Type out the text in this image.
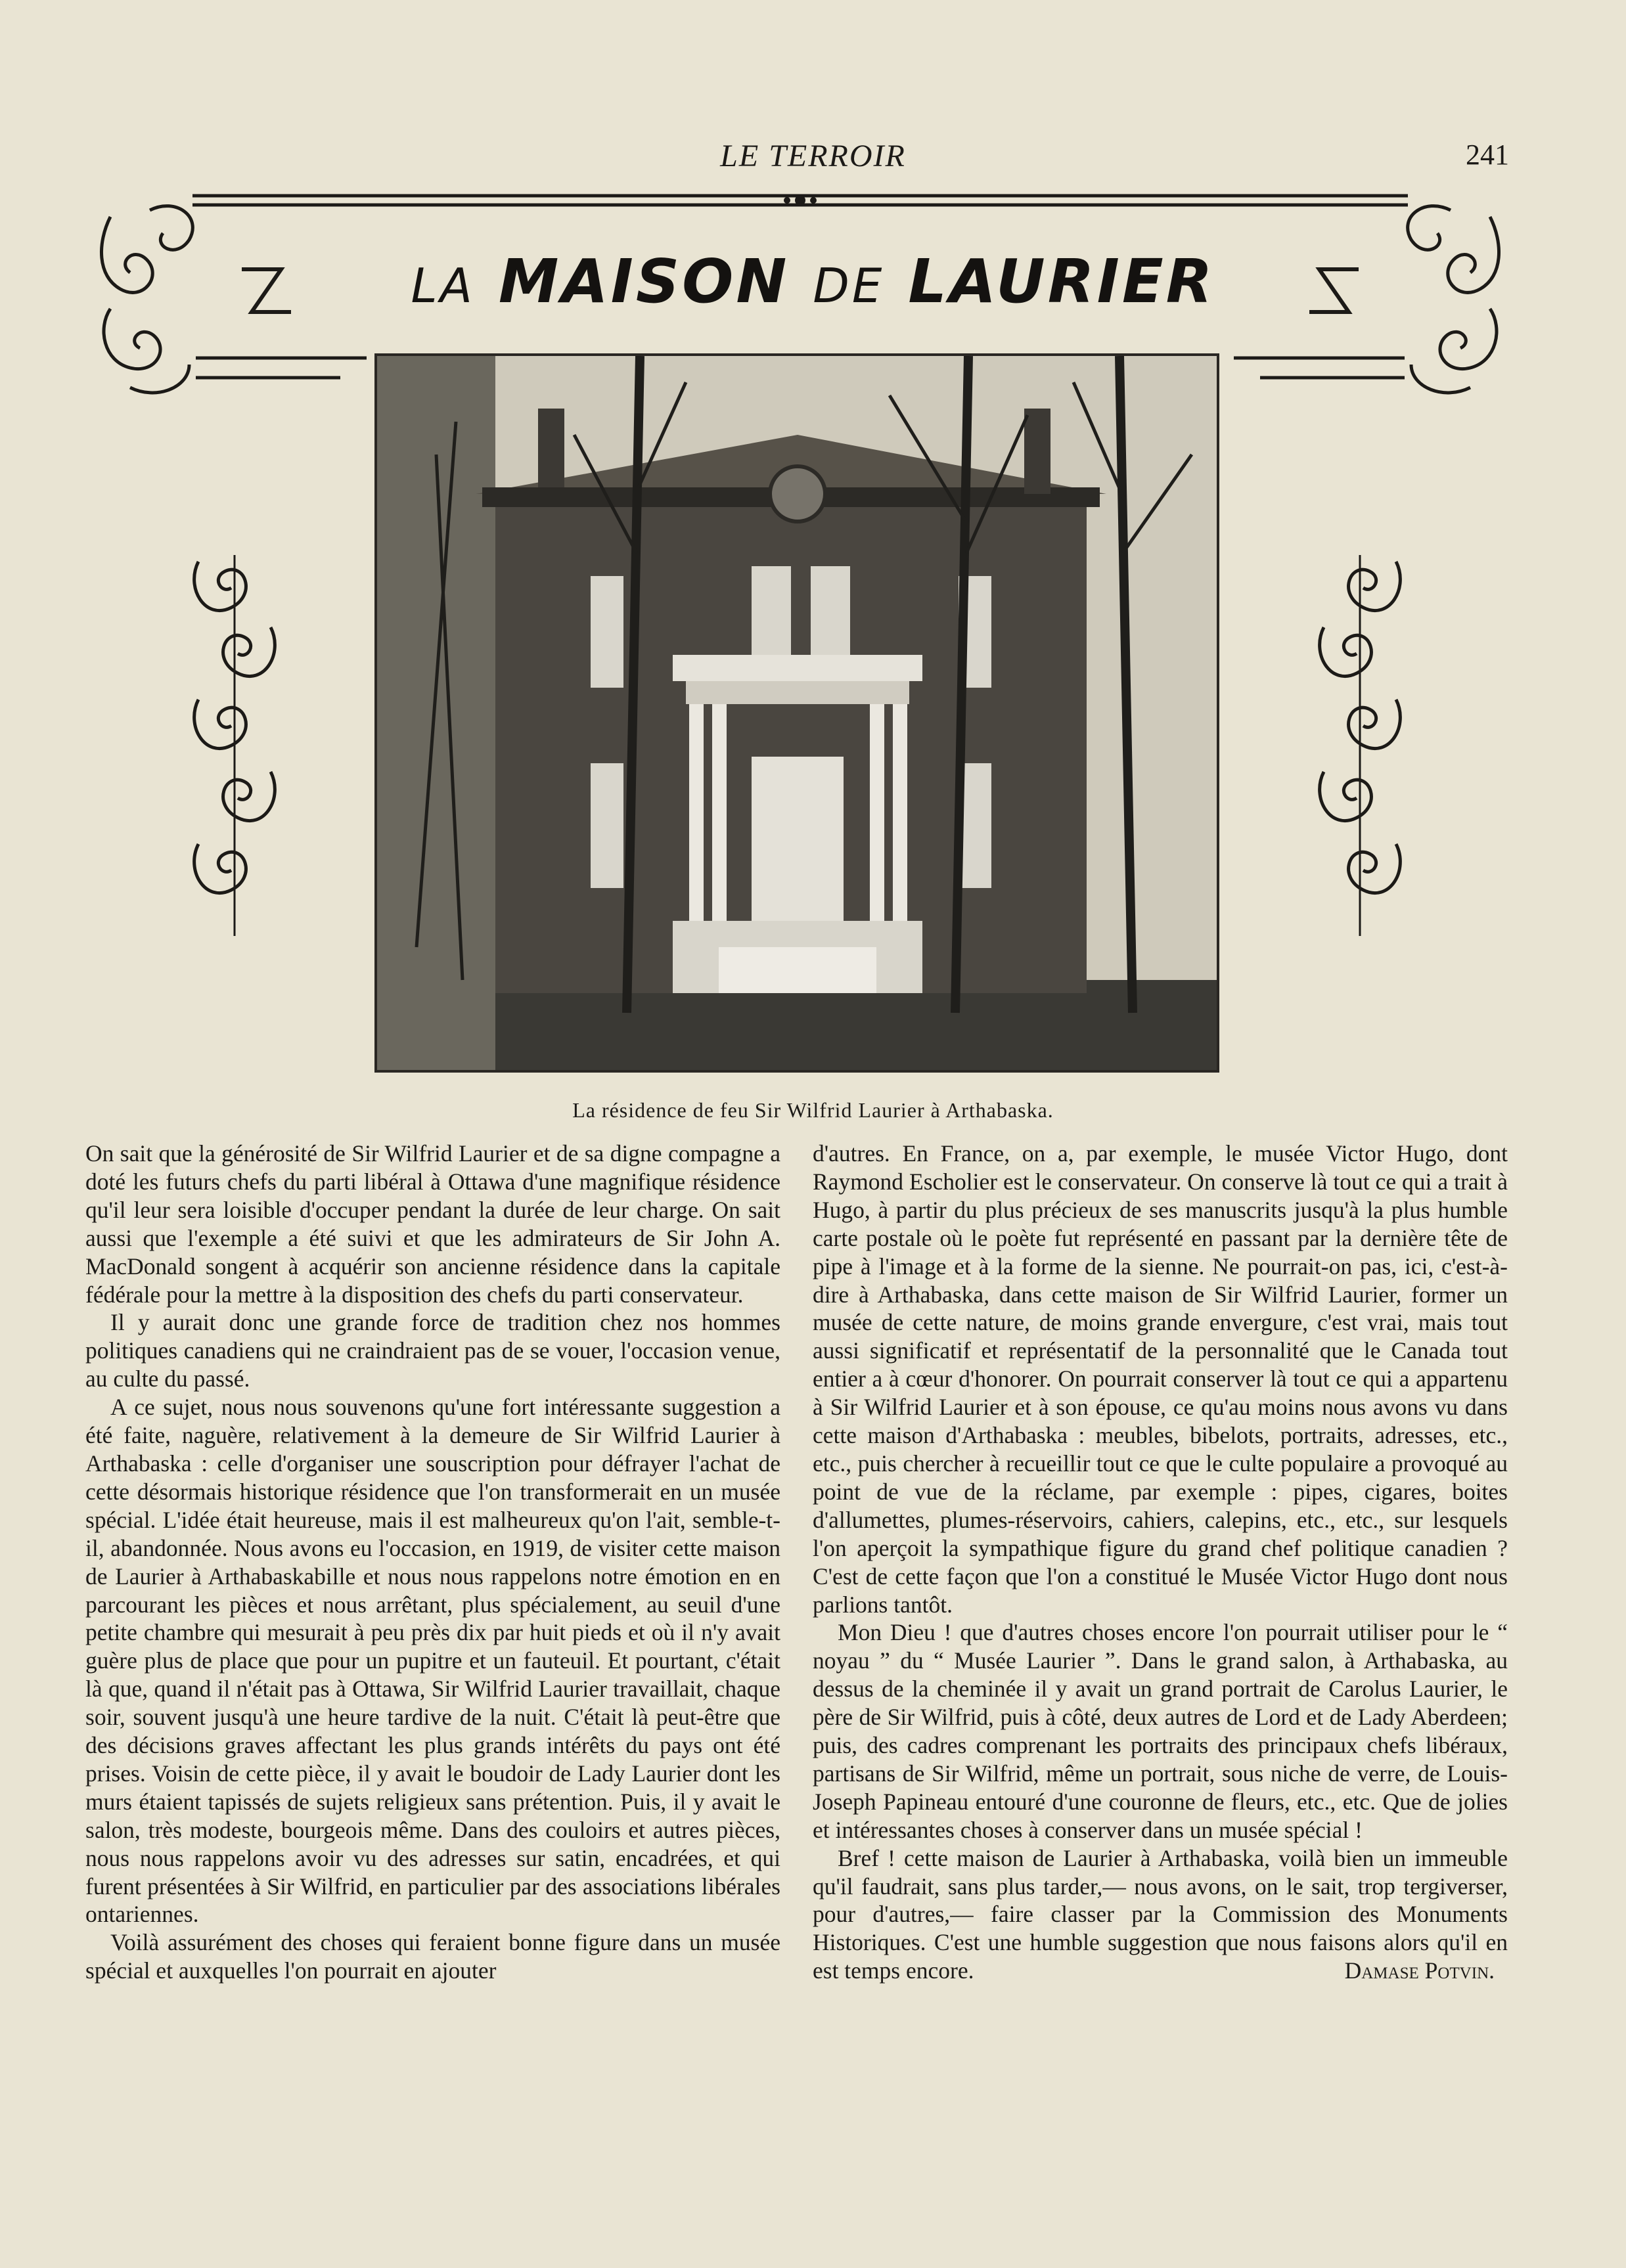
LE TERROIR	241
LA MAISON DE LAURIER
La résidence de feu Sir Wilfrid Laurier à Arthabaska.

On sait que la générosité de Sir Wilfrid Laurier et de sa digne compagne a doté les futurs chefs du parti libéral à Ottawa d'une magnifique résidence qu'il leur sera loisible d'occuper pendant la durée de leur charge. On sait aussi que l'exemple a été suivi et que les admirateurs de Sir John A. MacDonald songent à acquérir son ancienne résidence dans la capitale fédérale pour la mettre à la disposition des chefs du parti conservateur.

Il y aurait donc une grande force de tradition chez nos hommes politiques canadiens qui ne craindraient pas de se vouer, l'occasion venue, au culte du passé.

A ce sujet, nous nous souvenons qu'une fort intéressante suggestion a été faite, naguère, relativement à la demeure de Sir Wilfrid Laurier à Arthabaska : celle d'organiser une souscription pour défrayer l'achat de cette désormais historique résidence que l'on transformerait en un musée spécial. L'idée était heureuse, mais il est malheureux qu'on l'ait, semble-t-il, abandonnée. Nous avons eu l'occasion, en 1919, de visiter cette maison de Laurier à Arthabaskabille et nous nous rappelons notre émotion en en parcourant les pièces et nous arrêtant, plus spécialement, au seuil d'une petite chambre qui mesurait à peu près dix par huit pieds et où il n'y avait guère plus de place que pour un pupitre et un fauteuil. Et pourtant, c'était là que, quand il n'était pas à Ottawa, Sir Wilfrid Laurier travaillait, chaque soir, souvent jusqu'à une heure tardive de la nuit. C'était là peut-être que des décisions graves affectant les plus grands intérêts du pays ont été prises. Voisin de cette pièce, il y avait le boudoir de Lady Laurier dont les murs étaient tapissés de sujets religieux sans prétention. Puis, il y avait le salon, très modeste, bourgeois même. Dans des couloirs et autres pièces, nous nous rappelons avoir vu des adresses sur satin, encadrées, et qui furent présentées à Sir Wilfrid, en particulier par des associations libérales ontariennes.

Voilà assurément des choses qui feraient bonne figure dans un musée spécial et auxquelles l'on pourrait en ajouter

d'autres. En France, on a, par exemple, le musée Victor Hugo, dont Raymond Escholier est le conservateur. On conserve là tout ce qui a trait à Hugo, à partir du plus précieux de ses manuscrits jusqu'à la plus humble carte postale où le poète fut représenté en passant par la dernière tête de pipe à l'image et à la forme de la sienne. Ne pourrait-on pas, ici, c'est-à-dire à Arthabaska, dans cette maison de Sir Wilfrid Laurier, former un musée de cette nature, de moins grande envergure, c'est vrai, mais tout aussi significatif et représentatif de la personnalité que le Canada tout entier a à cœur d'honorer. On pourrait conserver là tout ce qui a appartenu à Sir Wilfrid Laurier et à son épouse, ce qu'au moins nous avons vu dans cette maison d'Arthabaska : meubles, bibelots, portraits, adresses, etc., etc., puis chercher à recueillir tout ce que le culte populaire a provoqué au point de vue de la réclame, par exemple : pipes, cigares, boites d'allumettes, plumes-réservoirs, cahiers, calepins, etc., etc., sur lesquels l'on aperçoit la sympathique figure du grand chef politique canadien ? C'est de cette façon que l'on a constitué le Musée Victor Hugo dont nous parlions tantôt.

Mon Dieu ! que d'autres choses encore l'on pourrait utiliser pour le “ noyau ” du “ Musée Laurier ”. Dans le grand salon, à Arthabaska, au dessus de la cheminée il y avait un grand portrait de Carolus Laurier, le père de Sir Wilfrid, puis à côté, deux autres de Lord et de Lady Aberdeen; puis, des cadres comprenant les portraits des principaux chefs libéraux, partisans de Sir Wilfrid, même un portrait, sous niche de verre, de Louis-Joseph Papineau entouré d'une couronne de fleurs, etc., etc. Que de jolies et intéressantes choses à conserver dans un musée spécial !

Bref ! cette maison de Laurier à Arthabaska, voilà bien un immeuble qu'il faudrait, sans plus tarder,— nous avons, on le sait, trop tergiverser, pour d'autres,— faire classer par la Commission des Monuments Historiques. C'est une humble suggestion que nous faisons alors qu'il en est temps encore.	Damase Potvin.
